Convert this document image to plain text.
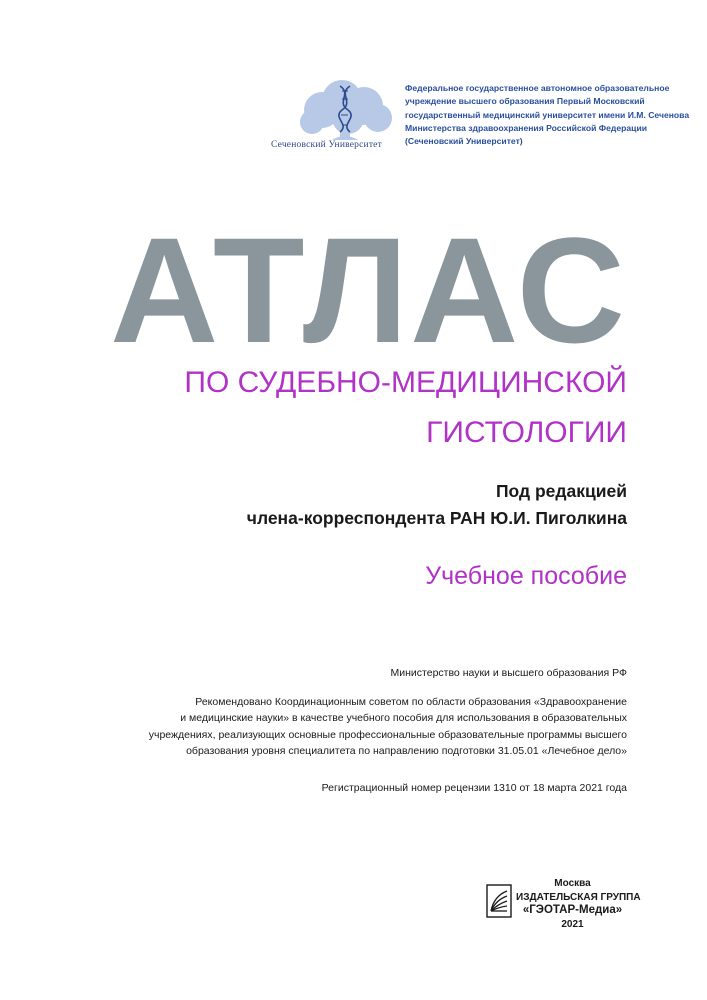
Сеченовский Университет
Федеральное государственное автономное образовательное
учреждение высшего образования Первый Московский
государственный медицинский университет имени И.М. Сеченова
Министерства здравоохранения Российской Федерации
(Сеченовский Университет)
АТЛАС
ПО СУДЕБНО-МЕДИЦИНСКОЙ
ГИСТОЛОГИИ
Под редакцией
члена-корреспондента РАН Ю.И. Пиголкина
Учебное пособие
Министерство науки и высшего образования РФ
Рекомендовано Координационным советом по области образования «Здравоохранение
и медицинские науки» в качестве учебного пособия для использования в образовательных
учреждениях, реализующих основные профессиональные образовательные программы высшего
образования уровня специалитета по направлению подготовки 31.05.01 «Лечебное дело»
Регистрационный номер рецензии 1310 от 18 марта 2021 года
Москва
ИЗДАТЕЛЬСКАЯ ГРУППА
«ГЭОТАР-Медиа»
2021
